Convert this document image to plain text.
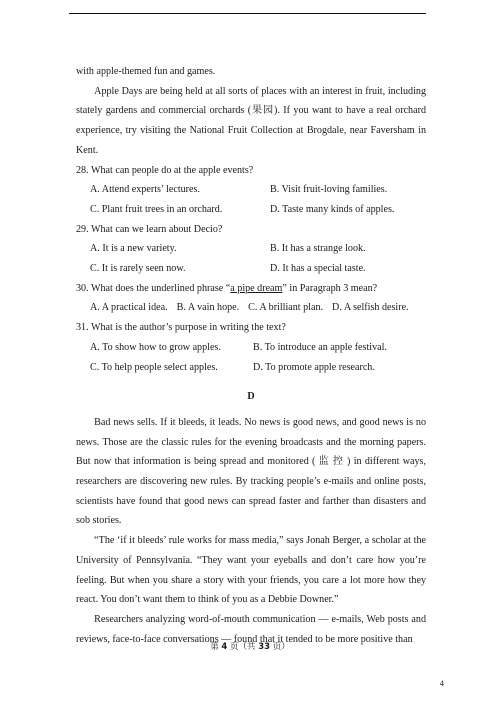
with apple-themed fun and games.

Apple Days are being held at all sorts of places with an interest in fruit, including stately gardens and commercial orchards (果园). If you want to have a real orchard experience, try visiting the National Fruit Collection at Brogdale, near Faversham in Kent.

28. What can people do at the apple events?
A. Attend experts’ lectures.	B. Visit fruit-loving families.
C. Plant fruit trees in an orchard.	D. Taste many kinds of apples.
29. What can we learn about Decio?
A. It is a new variety.	B. It has a strange look.
C. It is rarely seen now.	D. It has a special taste.
30. What does the underlined phrase “a pipe dream” in Paragraph 3 mean?
A. A practical idea. B. A vain hope. C. A brilliant plan. D. A selfish desire.
31. What is the author’s purpose in writing the text?
A. To show how to grow apples.	B. To introduce an apple festival.
C. To help people select apples.	D. To promote apple research.
D

Bad news sells. If it bleeds, it leads. No news is good news, and good news is no news. Those are the classic rules for the evening broadcasts and the morning papers. But now that information is being spread and monitored ( 监 控 ) in different ways, researchers are discovering new rules. By tracking people’s e-mails and online posts, scientists have found that good news can spread faster and farther than disasters and sob stories.

“The ‘if it bleeds’ rule works for mass media,” says Jonah Berger, a scholar at the University of Pennsylvania. “They want your eyeballs and don’t care how you’re feeling. But when you share a story with your friends, you care a lot more how they react. You don’t want them to think of you as a Debbie Downer.”

Researchers analyzing word-of-mouth communication — e-mails, Web posts and reviews, face-to-face conversations — found that it tended to be more positive than

第 4 页（共 33 页）
4
